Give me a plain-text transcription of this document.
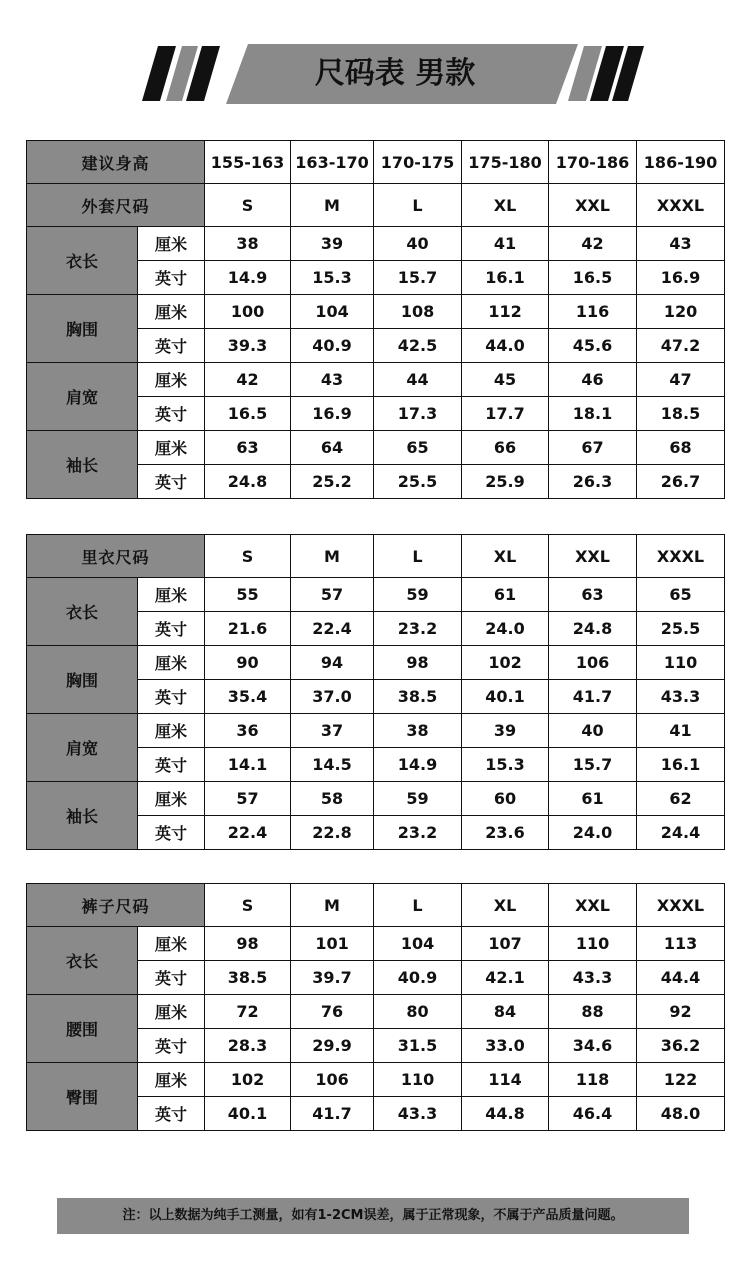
尺码表 男款
建议身高		155-163	163-170	170-175	175-180	170-186	186-190
外套尺码		S	M	L	XL	XXL	XXXL
衣长	厘米	38	39	40	41	42	43
	英寸	14.9	15.3	15.7	16.1	16.5	16.9
胸围	厘米	100	104	108	112	116	120
	英寸	39.3	40.9	42.5	44.0	45.6	47.2
肩宽	厘米	42	43	44	45	46	47
	英寸	16.5	16.9	17.3	17.7	18.1	18.5
袖长	厘米	63	64	65	66	67	68
	英寸	24.8	25.2	25.5	25.9	26.3	26.7
里衣尺码		S	M	L	XL	XXL	XXXL
衣长	厘米	55	57	59	61	63	65
	英寸	21.6	22.4	23.2	24.0	24.8	25.5
胸围	厘米	90	94	98	102	106	110
	英寸	35.4	37.0	38.5	40.1	41.7	43.3
肩宽	厘米	36	37	38	39	40	41
	英寸	14.1	14.5	14.9	15.3	15.7	16.1
袖长	厘米	57	58	59	60	61	62
	英寸	22.4	22.8	23.2	23.6	24.0	24.4
裤子尺码		S	M	L	XL	XXL	XXXL
衣长	厘米	98	101	104	107	110	113
	英寸	38.5	39.7	40.9	42.1	43.3	44.4
腰围	厘米	72	76	80	84	88	92
	英寸	28.3	29.9	31.5	33.0	34.6	36.2
臀围	厘米	102	106	110	114	118	122
	英寸	40.1	41.7	43.3	44.8	46.4	48.0
注：以上数据为纯手工测量，如有1-2CM误差，属于正常现象，不属于产品质量问题。
